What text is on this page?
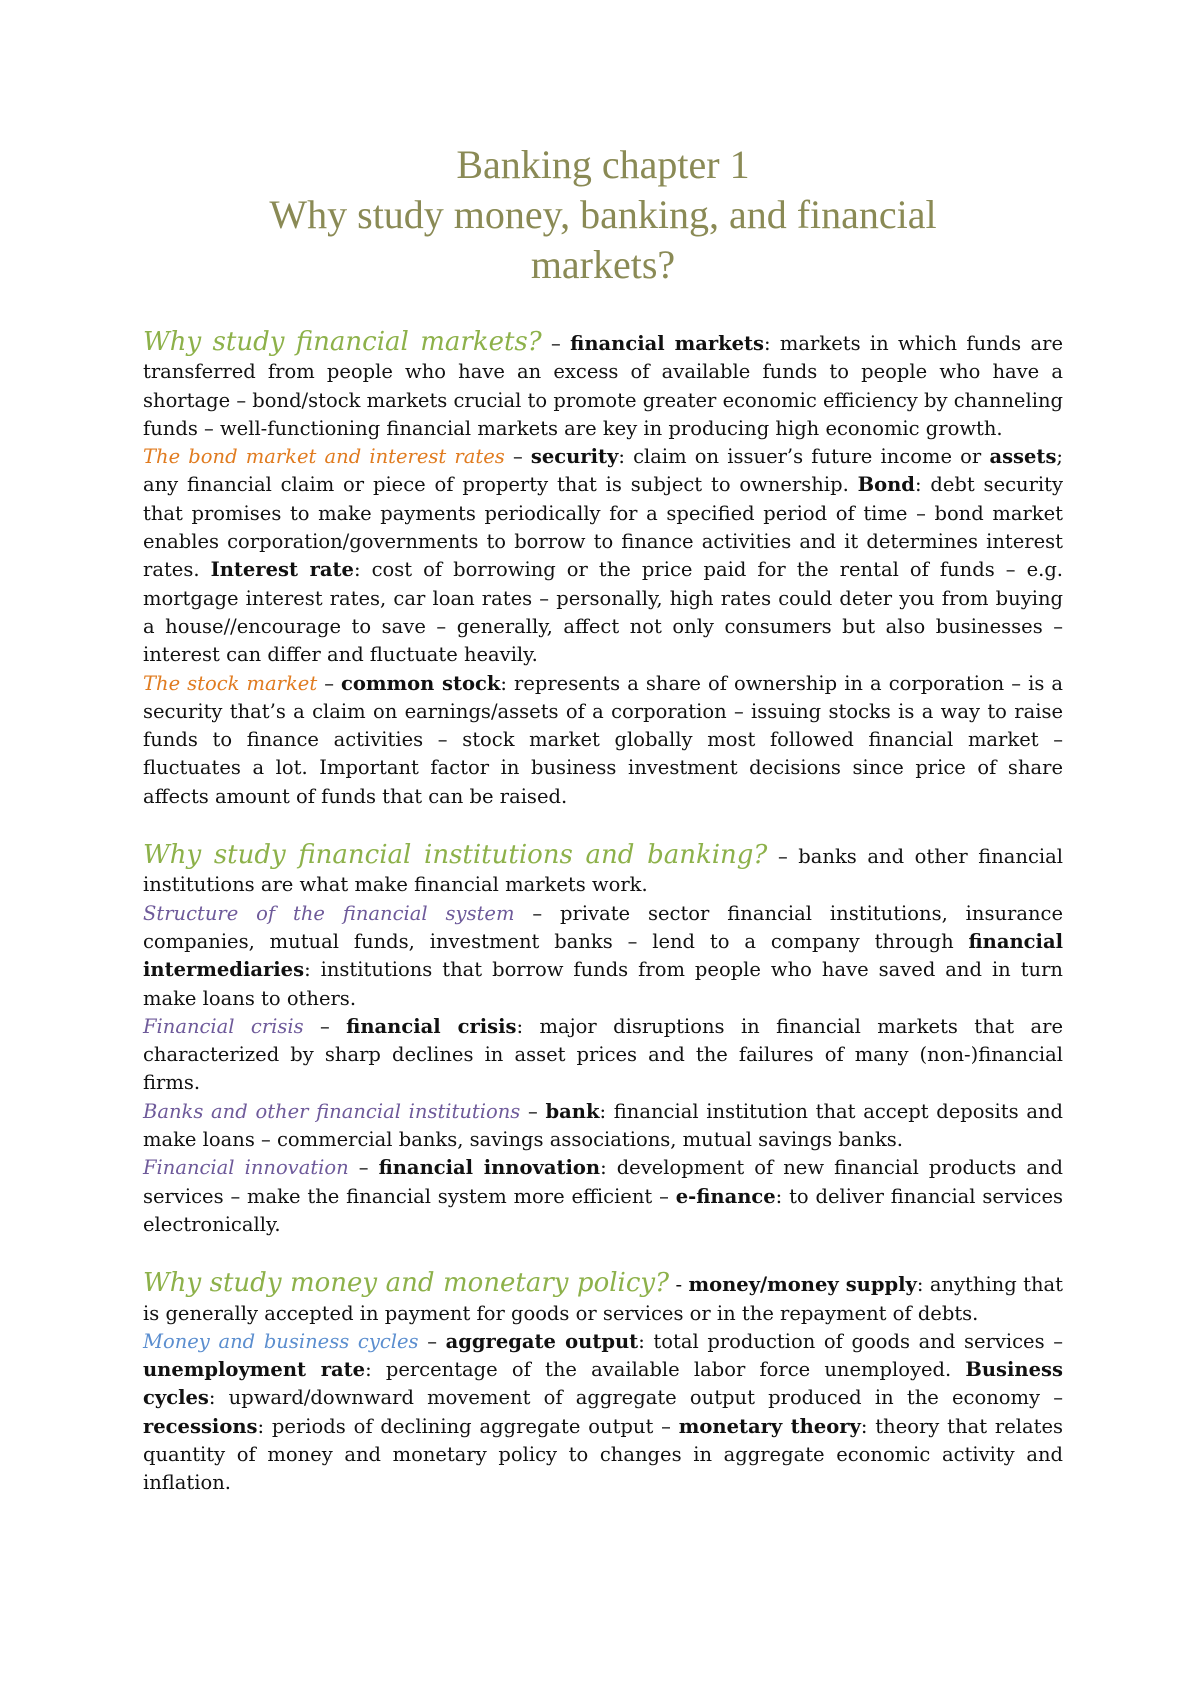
Banking chapter 1
Why study money, banking, and financial
markets?

Why study financial markets? – financial markets: markets in which funds are transferred from people who have an excess of available funds to people who have a shortage – bond/stock markets crucial to promote greater economic efficiency by channeling funds – well-functioning financial markets are key in producing high economic growth.

The bond market and interest rates – security: claim on issuer’s future income or assets; any financial claim or piece of property that is subject to ownership. Bond: debt security that promises to make payments periodically for a specified period of time – bond market enables corporation/governments to borrow to finance activities and it determines interest rates. Interest rate: cost of borrowing or the price paid for the rental of funds – e.g. mortgage interest rates, car loan rates – personally, high rates could deter you from buying a house//encourage to save – generally, affect not only consumers but also businesses – interest can differ and fluctuate heavily.

The stock market – common stock: represents a share of ownership in a corporation – is a security that’s a claim on earnings/assets of a corporation – issuing stocks is a way to raise funds to finance activities – stock market globally most followed financial market – fluctuates a lot. Important factor in business investment decisions since price of share affects amount of funds that can be raised.

Why study financial institutions and banking? – banks and other financial institutions are what make financial markets work.

Structure of the financial system – private sector financial institutions, insurance companies, mutual funds, investment banks – lend to a company through financial intermediaries: institutions that borrow funds from people who have saved and in turn make loans to others.

Financial crisis – financial crisis: major disruptions in financial markets that are characterized by sharp declines in asset prices and the failures of many (non-)financial firms.

Banks and other financial institutions – bank: financial institution that accept deposits and make loans – commercial banks, savings associations, mutual savings banks.

Financial innovation – financial innovation: development of new financial products and services – make the financial system more efficient – e-finance: to deliver financial services electronically.

Why study money and monetary policy? - money/money supply: anything that is generally accepted in payment for goods or services or in the repayment of debts.

Money and business cycles – aggregate output: total production of goods and services – unemployment rate: percentage of the available labor force unemployed. Business cycles: upward/downward movement of aggregate output produced in the economy – recessions: periods of declining aggregate output – monetary theory: theory that relates quantity of money and monetary policy to changes in aggregate economic activity and inflation.
